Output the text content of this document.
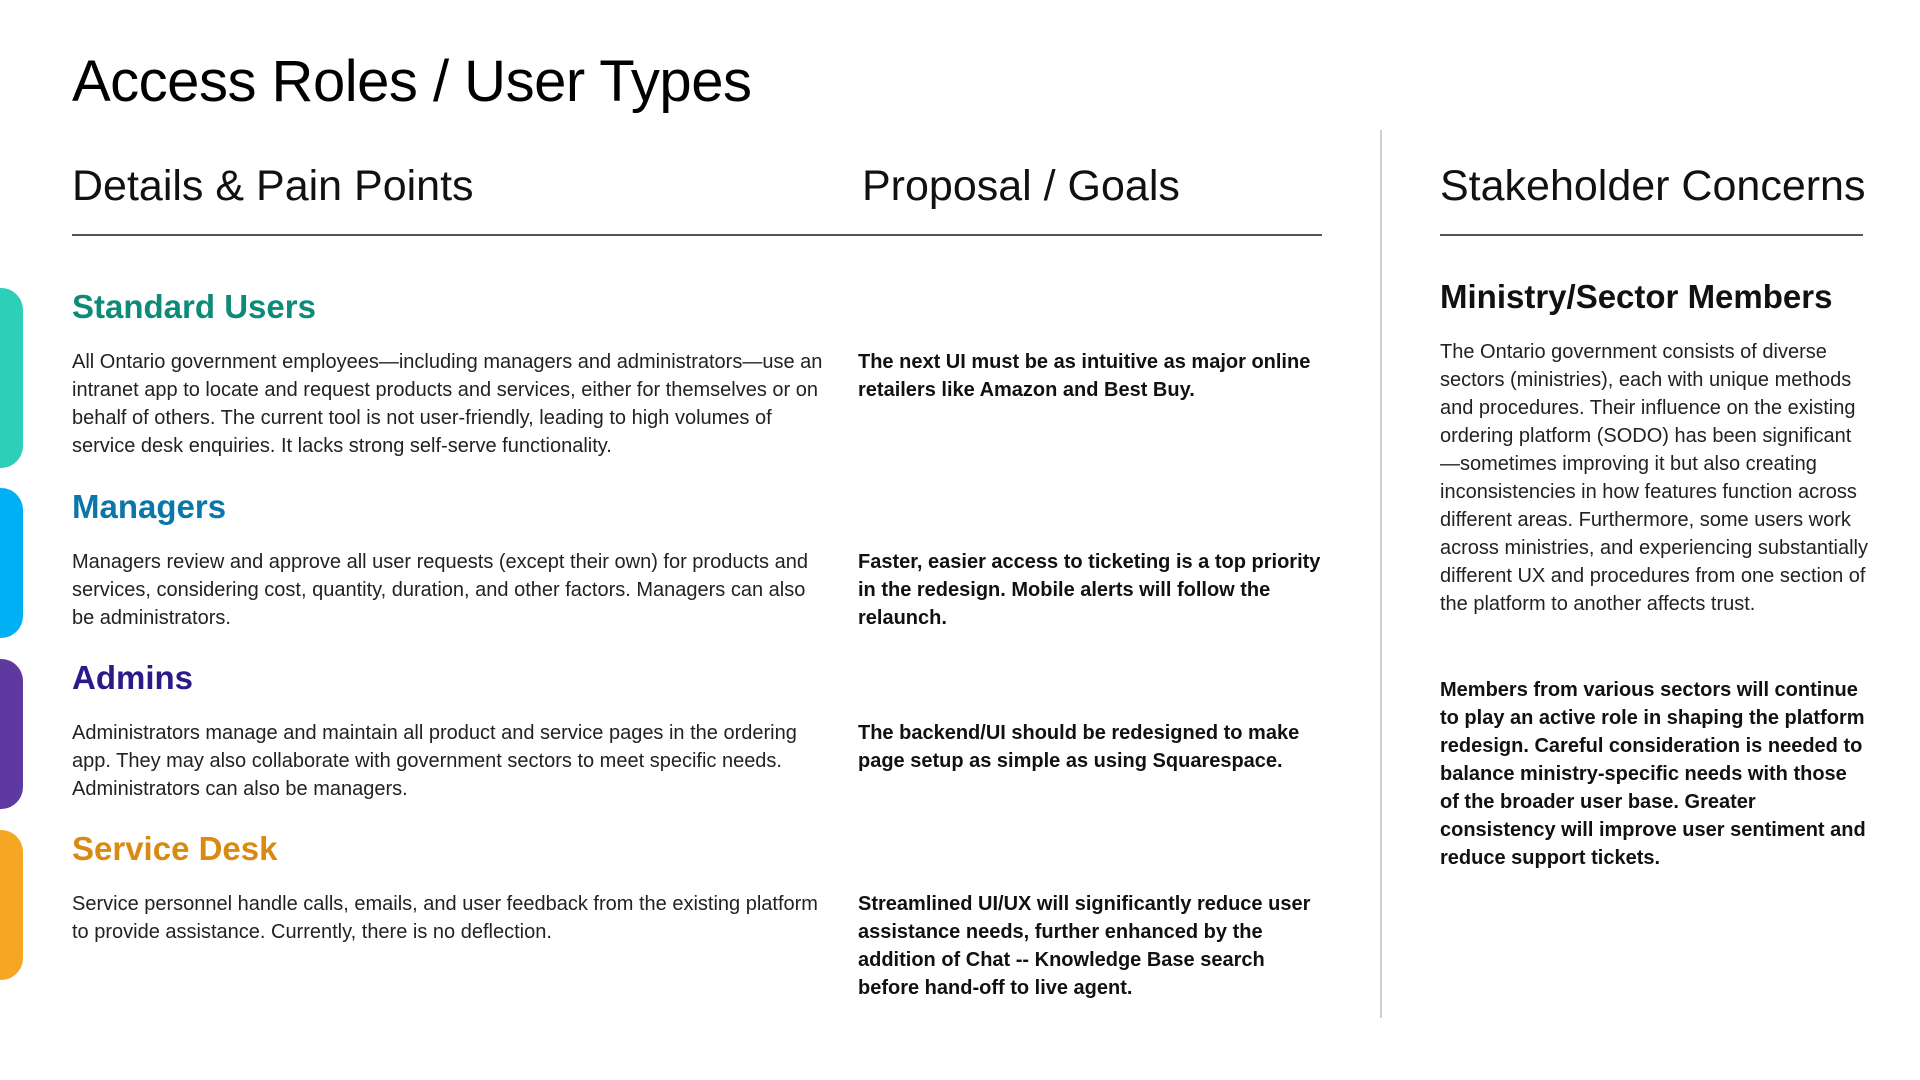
Access Roles / User Types
Details & Pain Points	Proposal / Goals	Stakeholder Concerns
Standard Users

All Ontario government employees—including managers and administrators—use an intranet app to locate and request products and services, either for themselves or on behalf of others. The current tool is not user-friendly, leading to high volumes of service desk enquiries. It lacks strong self-serve functionality.

The next UI must be as intuitive as major online retailers like Amazon and Best Buy.

Managers

Managers review and approve all user requests (except their own) for products and services, considering cost, quantity, duration, and other factors. Managers can also be administrators.

Faster, easier access to ticketing is a top priority in the redesign. Mobile alerts will follow the relaunch.

Admins

Administrators manage and maintain all product and service pages in the ordering app. They may also collaborate with government sectors to meet specific needs. Administrators can also be managers.

The backend/UI should be redesigned to make page setup as simple as using Squarespace.

Service Desk

Service personnel handle calls, emails, and user feedback from the existing platform to provide assistance. Currently, there is no deflection.

Streamlined UI/UX will significantly reduce user assistance needs, further enhanced by the addition of Chat -- Knowledge Base search before hand-off to live agent.

Ministry/Sector Members

The Ontario government consists of diverse sectors (ministries), each with unique methods and procedures. Their influence on the existing ordering platform (SODO) has been significant—sometimes improving it but also creating inconsistencies in how features function across different areas. Furthermore, some users work across ministries, and experiencing substantially different UX and procedures from one section of the platform to another affects trust.

Members from various sectors will continue to play an active role in shaping the platform redesign. Careful consideration is needed to balance ministry-specific needs with those of the broader user base. Greater consistency will improve user sentiment and reduce support tickets.
